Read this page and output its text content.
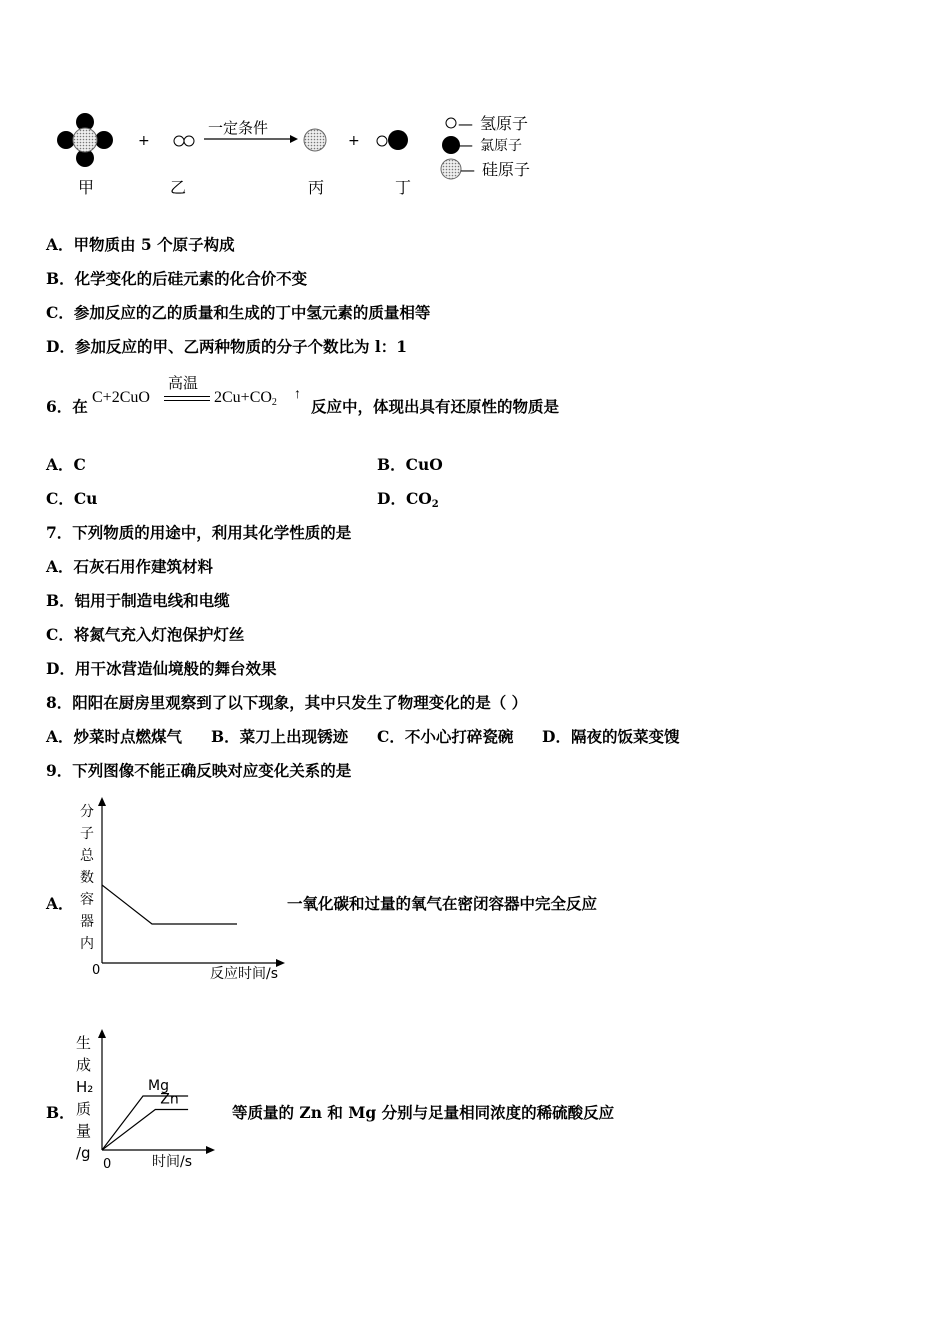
+
一定条件
+
甲	乙	丙	丁
— 氢原子
— 氯原子
— 硅原子
A．甲物质由 5 个原子构成
B．化学变化的后硅元素的化合价不变
C．参加反应的乙的质量和生成的丁中氢元素的质量相等
D．参加反应的甲、乙两种物质的分子个数比为 l：1
6．在 C+2CuO
高温
$2Cu+CO_2$
↑
反应中，体现出具有还原性的物质是
A．C	B．CuO
C．Cu	D．$CO_2$
7．下列物质的用途中，利用其化学性质的是
A．石灰石用作建筑材料
B．铝用于制造电线和电缆
C．将氮气充入灯泡保护灯丝
D．用干冰营造仙境般的舞台效果
8．阳阳在厨房里观察到了以下现象，其中只发生了物理变化的是（ ）
A．炒菜时点燃煤气 B．菜刀上出现锈迹 C．不小心打碎瓷碗 D．隔夜的饭菜变馊
9．下列图像不能正确反映对应变化关系的是
A．
分
子
总
数
容
器
内
0	反应时间/s
一氧化碳和过量的氧气在密闭容器中完全反应
B．
生
成
H₂
质
量
/g
0	时间/s
Mg
Zn
等质量的 Zn 和 Mg 分别与足量相同浓度的稀硫酸反应
